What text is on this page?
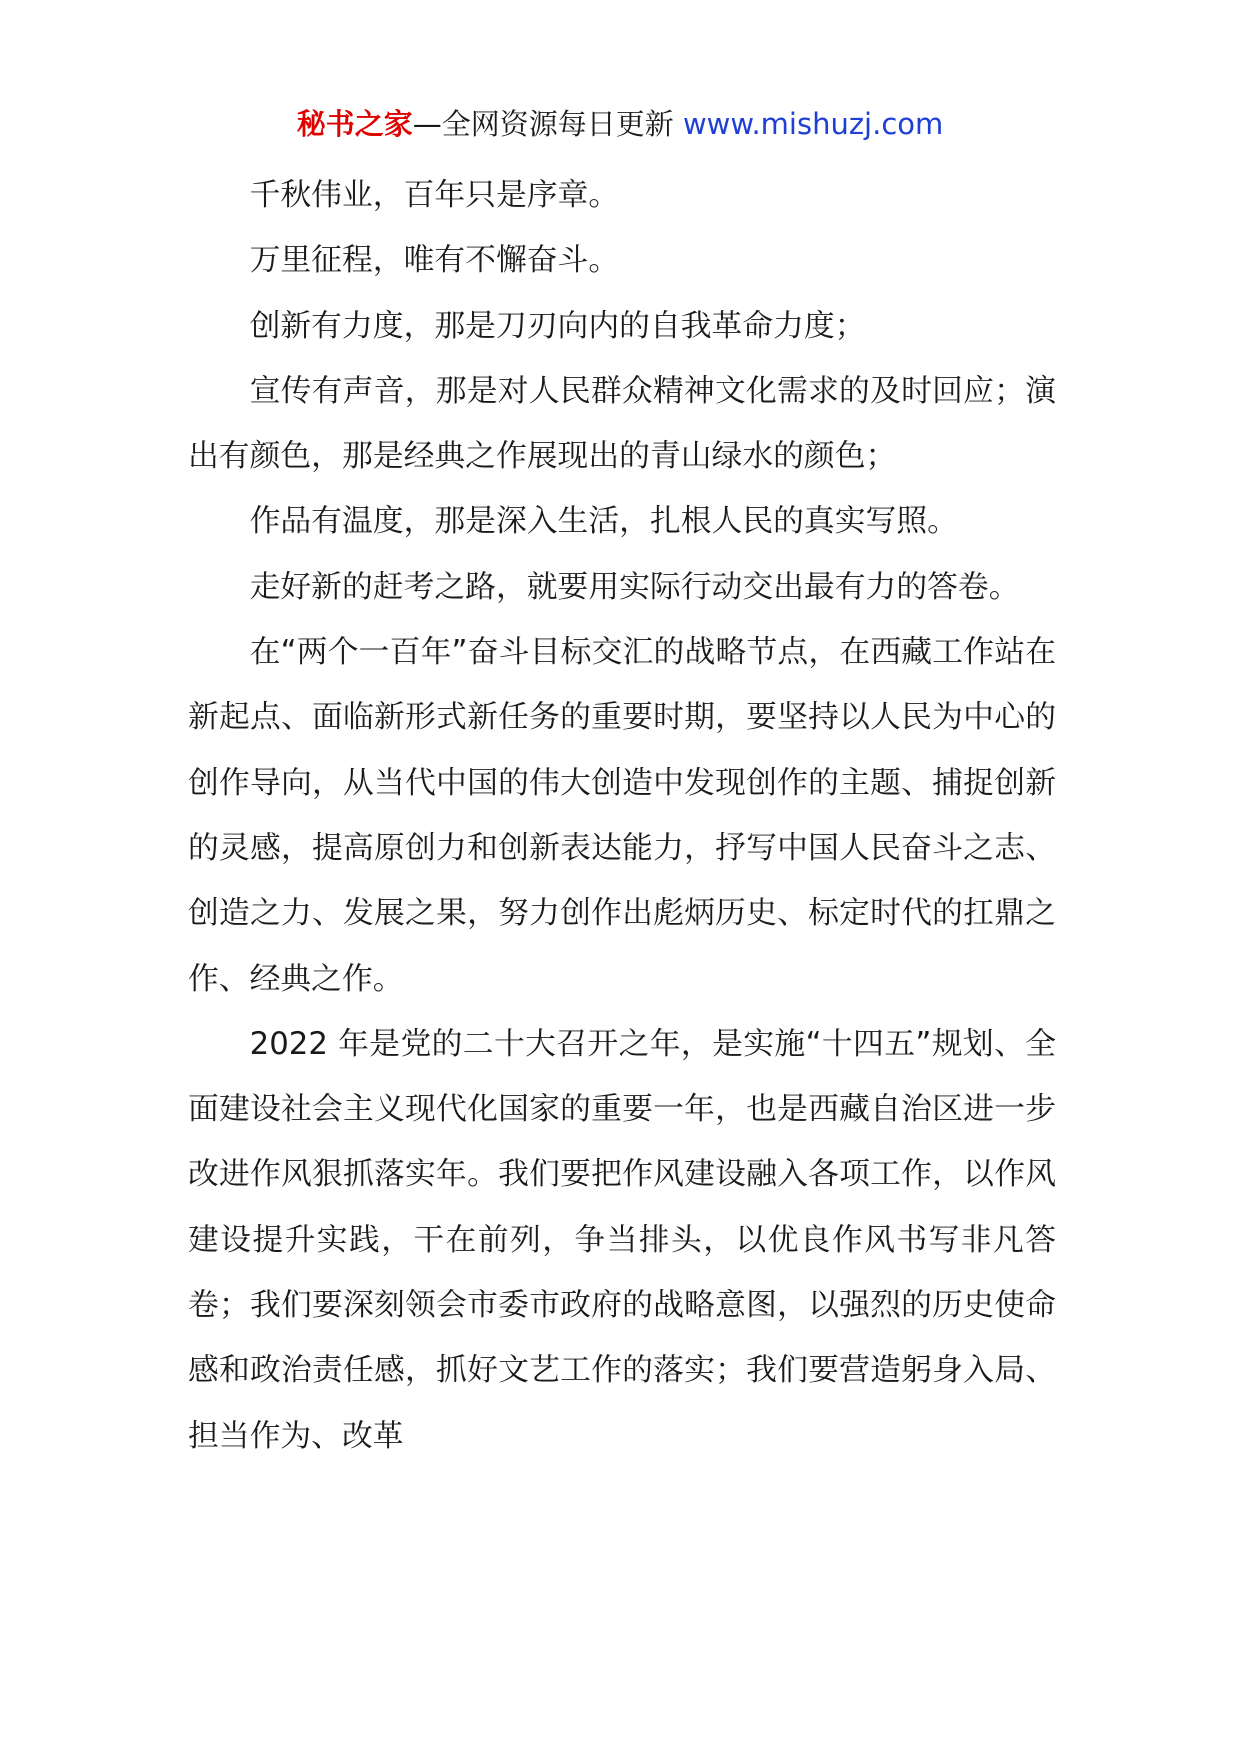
秘书之家—全网资源每日更新 www.mishuzj.com

千秋伟业，百年只是序章。

万里征程，唯有不懈奋斗。

创新有力度，那是刀刃向内的自我革命力度；

宣传有声音，那是对人民群众精神文化需求的及时回应；演出有颜色，那是经典之作展现出的青山绿水的颜色；

作品有温度，那是深入生活，扎根人民的真实写照。

走好新的赶考之路，就要用实际行动交出最有力的答卷。

在“两个一百年”奋斗目标交汇的战略节点，在西藏工作站在新起点、面临新形式新任务的重要时期，要坚持以人民为中心的创作导向，从当代中国的伟大创造中发现创作的主题、捕捉创新的灵感，提高原创力和创新表达能力，抒写中国人民奋斗之志、创造之力、发展之果，努力创作出彪炳历史、标定时代的扛鼎之作、经典之作。

2022 年是党的二十大召开之年，是实施“十四五”规划、全面建设社会主义现代化国家的重要一年，也是西藏自治区进一步改进作风狠抓落实年。我们要把作风建设融入各项工作，以作风建设提升实践，干在前列，争当排头，以优良作风书写非凡答卷；我们要深刻领会市委市政府的战略意图，以强烈的历史使命感和政治责任感，抓好文艺工作的落实；我们要营造躬身入局、担当作为、改革
